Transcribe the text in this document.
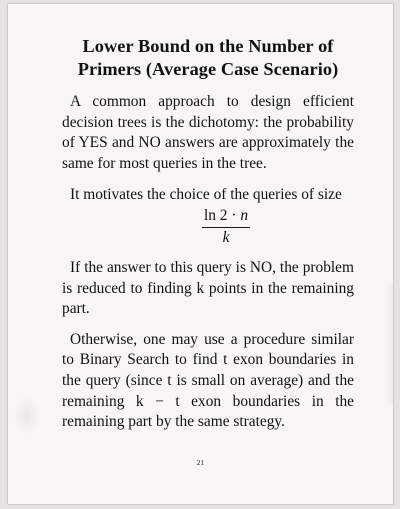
Lower Bound on the Number of
Primers (Average Case Scenario)

A common approach to design efficient decision trees is the dichotomy: the probability of YES and NO answers are approximately the same for most queries in the tree.

It motivates the choice of the queries of size

$\frac{\ln 2 \cdot n}{k}$

If the answer to this query is NO, the problem is reduced to finding k points in the remaining part.

Otherwise, one may use a procedure similar to Binary Search to find t exon boundaries in the query (since t is small on average) and the remaining k − t exon boundaries in the remaining part by the same strategy.

21
